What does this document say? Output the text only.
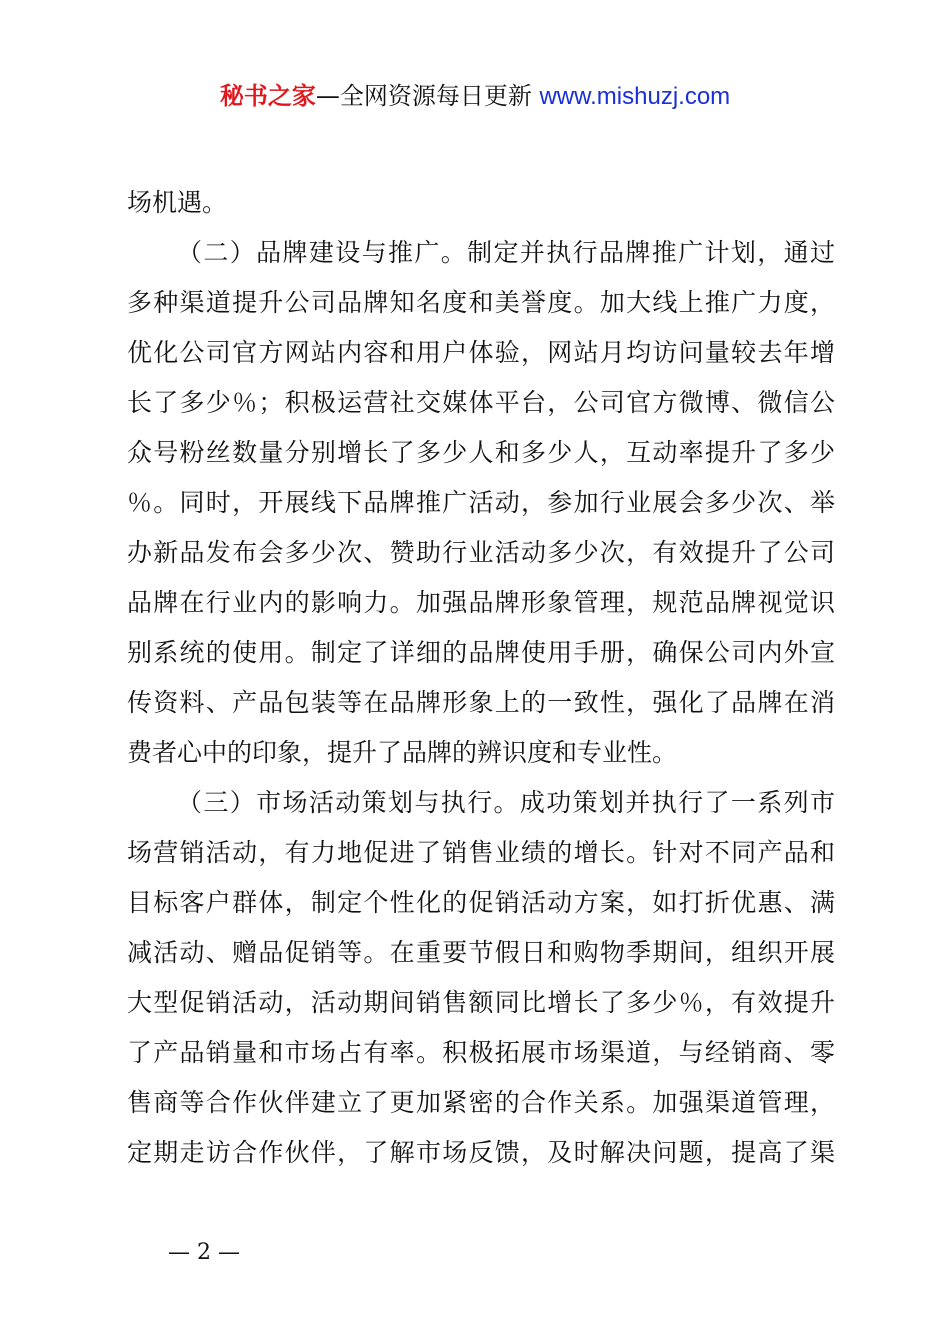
秘书之家—全网资源每日更新 www.mishuzj.com
场机遇。
（二）品牌建设与推广。制定并执行品牌推广计划，通过
多种渠道提升公司品牌知名度和美誉度。加大线上推广力度，
优化公司官方网站内容和用户体验，网站月均访问量较去年增
长了多少％；积极运营社交媒体平台，公司官方微博、微信公
众号粉丝数量分别增长了多少人和多少人，互动率提升了多少
％。同时，开展线下品牌推广活动，参加行业展会多少次、举
办新品发布会多少次、赞助行业活动多少次，有效提升了公司
品牌在行业内的影响力。加强品牌形象管理，规范品牌视觉识
别系统的使用。制定了详细的品牌使用手册，确保公司内外宣
传资料、产品包装等在品牌形象上的一致性，强化了品牌在消
费者心中的印象，提升了品牌的辨识度和专业性。
（三）市场活动策划与执行。成功策划并执行了一系列市
场营销活动，有力地促进了销售业绩的增长。针对不同产品和
目标客户群体，制定个性化的促销活动方案，如打折优惠、满
减活动、赠品促销等。在重要节假日和购物季期间，组织开展
大型促销活动，活动期间销售额同比增长了多少％，有效提升
了产品销量和市场占有率。积极拓展市场渠道，与经销商、零
售商等合作伙伴建立了更加紧密的合作关系。加强渠道管理，
定期走访合作伙伴，了解市场反馈，及时解决问题，提高了渠
— 2 —
